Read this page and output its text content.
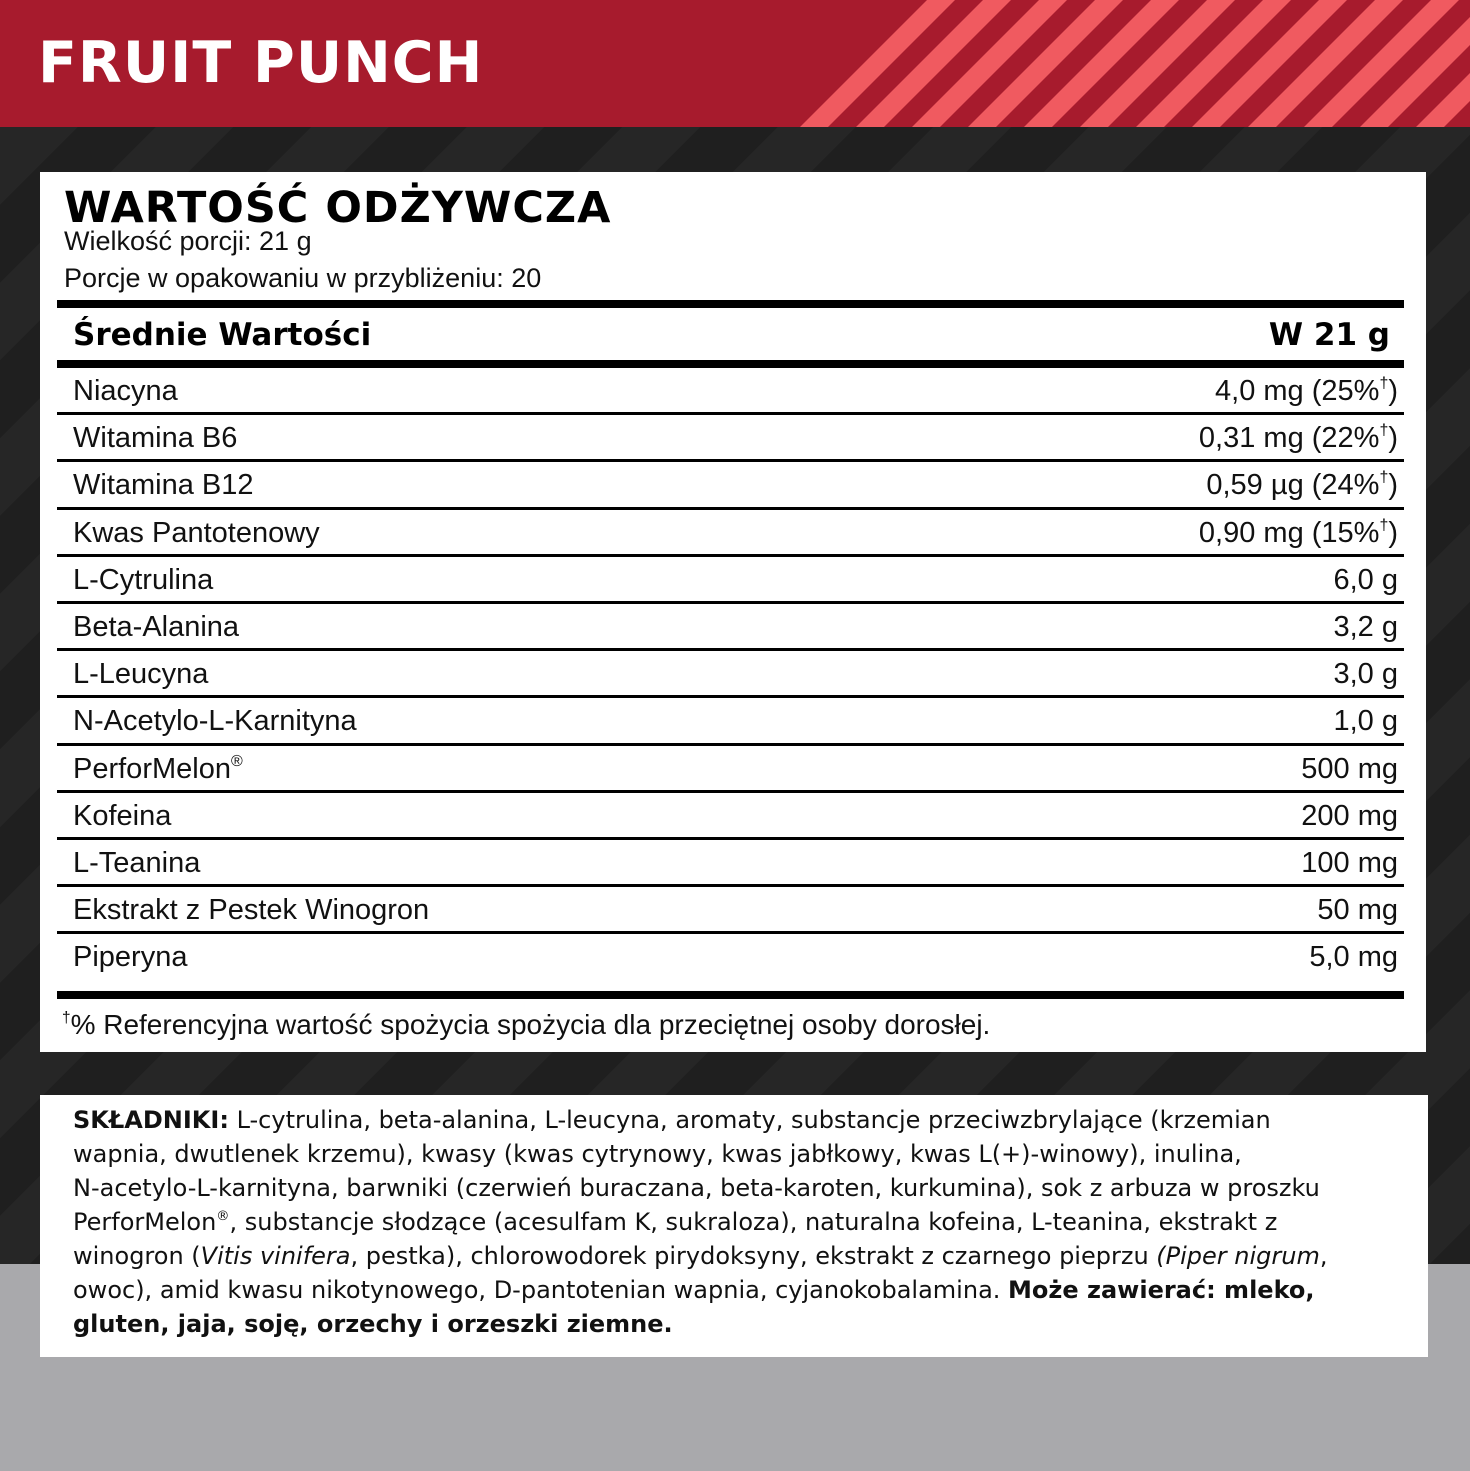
FRUIT PUNCH
WARTOŚĆ ODŻYWCZA
Wielkość porcji: 21 g
Porcje w opakowaniu w przybliżeniu: 20
Średnie Wartości	W 21 g
Niacyna	4,0 mg (25%†)
Witamina B6	0,31 mg (22%†)
Witamina B12	0,59 µg (24%†)
Kwas Pantotenowy	0,90 mg (15%†)
L-Cytrulina	6,0 g
Beta-Alanina	3,2 g
L-Leucyna	3,0 g
N-Acetylo-L-Karnityna	1,0 g
PerforMelon®	500 mg
Kofeina	200 mg
L-Teanina	100 mg
Ekstrakt z Pestek Winogron	50 mg
Piperyna	5,0 mg
†% Referencyjna wartość spożycia spożycia dla przeciętnej osoby dorosłej.
SKŁADNIKI: L-cytrulina, beta-alanina, L-leucyna, aromaty, substancje przeciwzbrylające (krzemian
wapnia, dwutlenek krzemu), kwasy (kwas cytrynowy, kwas jabłkowy, kwas L(+)-winowy), inulina,
N-acetylo-L-karnityna, barwniki (czerwień buraczana, beta-karoten, kurkumina), sok z arbuza w proszku
PerforMelon®, substancje słodzące (acesulfam K, sukraloza), naturalna kofeina, L-teanina, ekstrakt z
winogron (Vitis vinifera, pestka), chlorowodorek pirydoksyny, ekstrakt z czarnego pieprzu (Piper nigrum,
owoc), amid kwasu nikotynowego, D-pantotenian wapnia, cyjanokobalamina. Może zawierać: mleko,
gluten, jaja, soję, orzechy i orzeszki ziemne.
